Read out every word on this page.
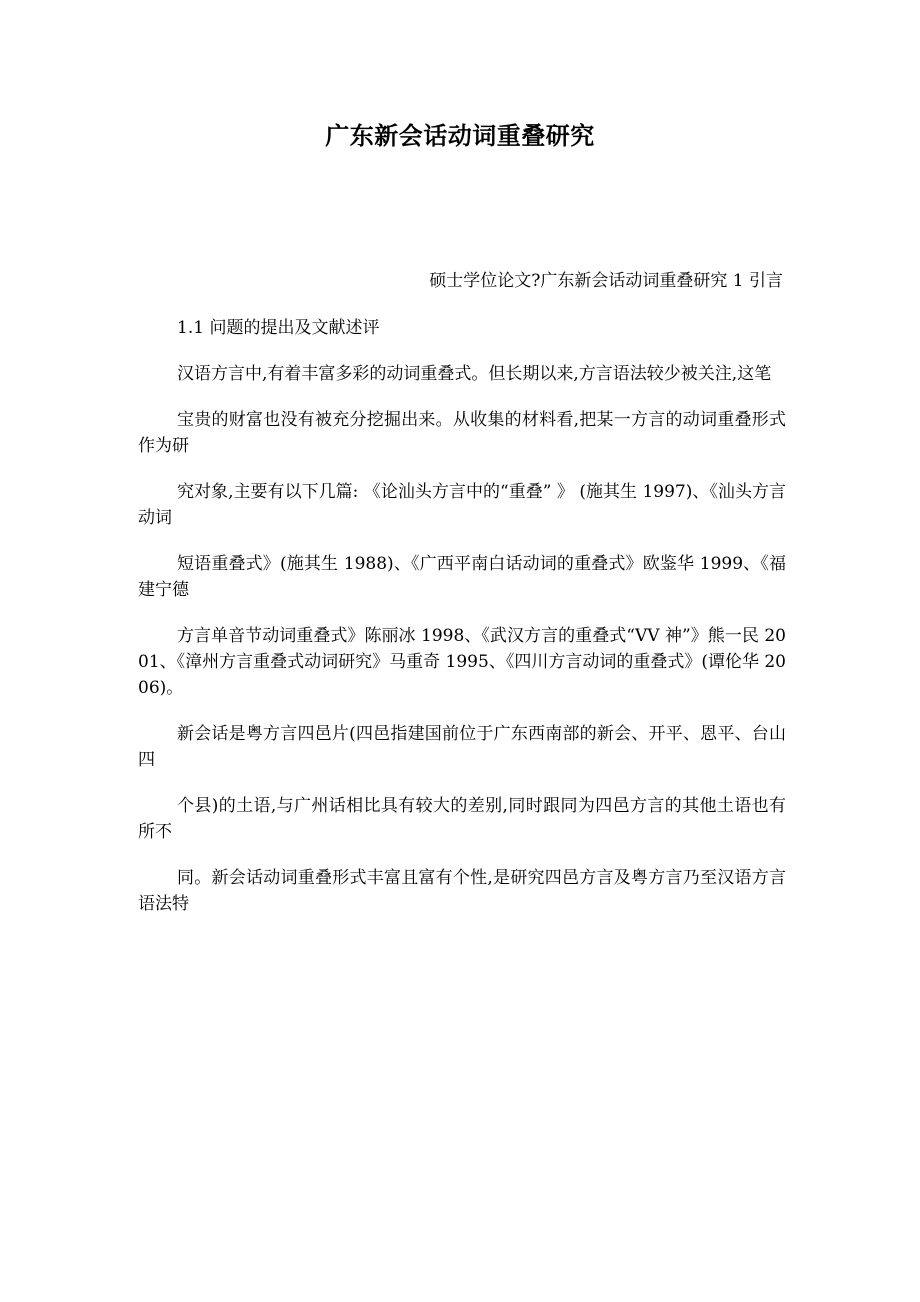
广东新会话动词重叠研究
硕士学位论文?广东新会话动词重叠研究 1 引言

1.1 问题的提出及文献述评

汉语方言中,有着丰富多彩的动词重叠式。但长期以来,方言语法较少被关注,这笔

宝贵的财富也没有被充分挖掘出来。从收集的材料看,把某一方言的动词重叠形式作为研

究对象,主要有以下几篇: 《论汕头方言中的“重叠” 》 (施其生 1997)、《汕头方言动词

短语重叠式》(施其生 1988)、《广西平南白话动词的重叠式》欧鉴华 1999、《福建宁德

方言单音节动词重叠式》陈丽冰 1998、《武汉方言的重叠式“VV 神”》熊一民 2001、《漳州方言重叠式动词研究》马重奇 1995、《四川方言动词的重叠式》(谭伦华 2006)。

新会话是粤方言四邑片(四邑指建国前位于广东西南部的新会、开平、恩平、台山四

个县)的土语,与广州话相比具有较大的差别,同时跟同为四邑方言的其他土语也有所不

同。新会话动词重叠形式丰富且富有个性,是研究四邑方言及粤方言乃至汉语方言语法特
